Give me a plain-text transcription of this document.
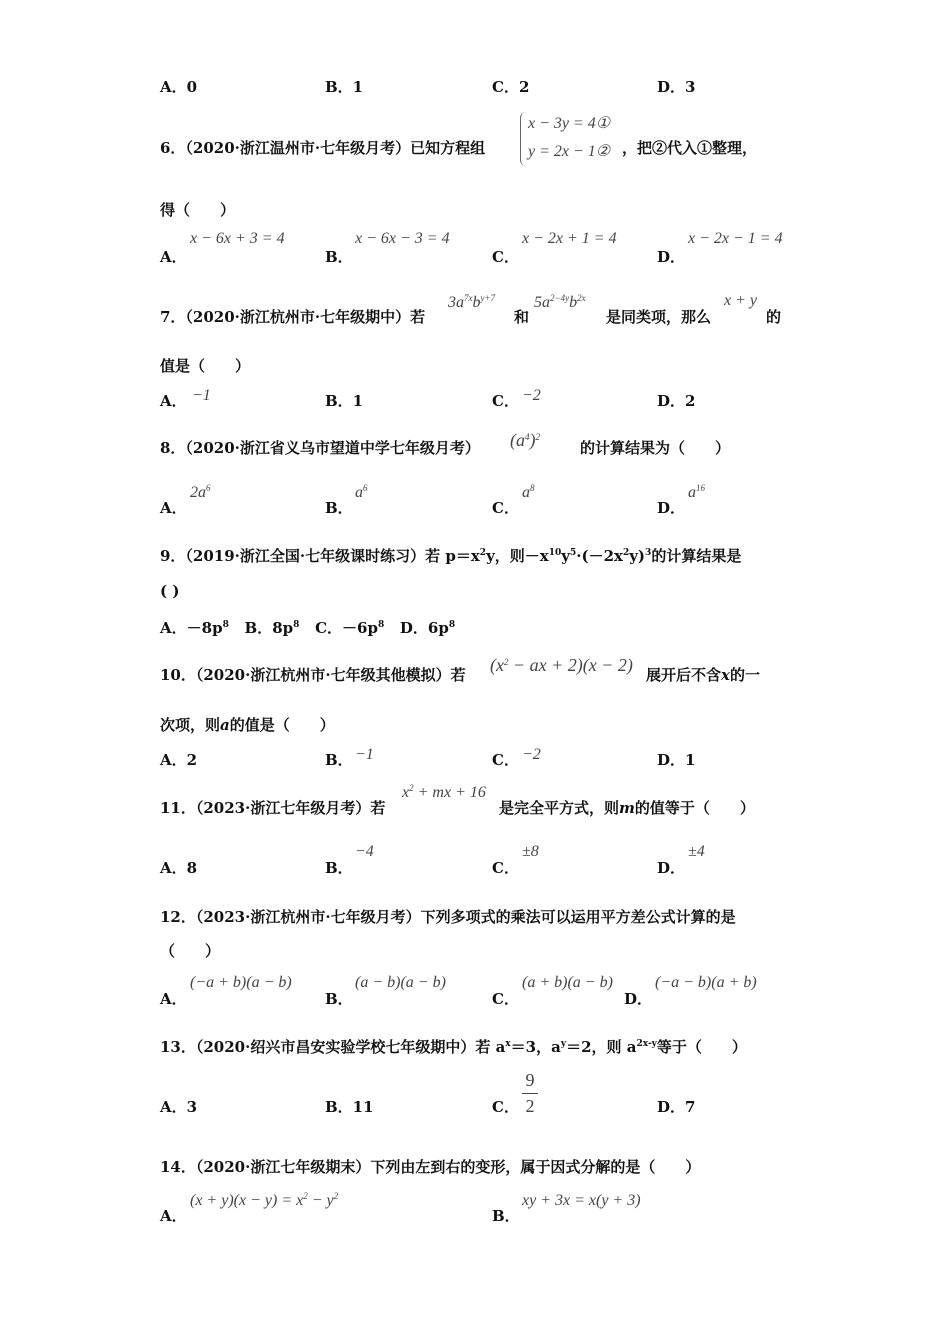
A．0	B．1	C．2	D．3
6．（2020·浙江温州市·七年级月考）已知方程组
x − 3y = 4①
y = 2x − 1② ，把②代入①整理，
得（　　）
A．
x − 6x + 3 = 4
B．
x − 6x − 3 = 4
C．
x − 2x + 1 = 4
D．
x − 2x − 1 = 4
7．（2020·浙江杭州市·七年级期中）若
$3a^{7x}b^{y+7}$
和
$5a^{2-4y}b^{2x}$
是同类项，那么
x + y
的
值是（　　）
A． −1	B．1	C． −2	D．2
8．（2020·浙江省义乌市望道中学七年级月考） $(a^4)^2$
的计算结果为（　　）
A．
$2a^6$
B．
$a^6$
C．
$a^8$
D．
$a^{16}$
9．（2019·浙江全国·七年级课时练习）若 $p=x^2y$，则$-x^{10}y^5\cdot(-2x^2y)^3$的计算结果是
( )
A．$-8p^8$ B．$8p^8$ C．$-6p^8$ D．$6p^8$
10．（2020·浙江杭州市·七年级其他模拟）若 ($x^2$ − ax + 2)(x − 2) 展开后不含x的一
次项，则a的值是（　　）
A．2	B． −1	C． −2	D．1
11．（2023·浙江七年级月考）若
$x^2$ + mx + 16
是完全平方式，则m的值等于（　　）
A．8	B．
−4
C．
±8
D．
±4
12．（2023·浙江杭州市·七年级月考）下列多项式的乘法可以运用平方差公式计算的是
（　　）
A．
(−a + b)(a − b)
B．
(a − b)(a − b)
C．
(a + b)(a − b)
D．
(−a − b)(a + b)
13．（2020·绍兴市昌安实验学校七年级期中）若 $a^x=3$，$a^y=2$，则 $a^{2x-y}$等于（　　）
A．3	B．11	C．
9
2	D．7
14．（2020·浙江七年级期末）下列由左到右的变形，属于因式分解的是（　　）
A．
$(x + y)(x - y) = x^2 - y^2$
B．
xy + 3x = x(y + 3)
